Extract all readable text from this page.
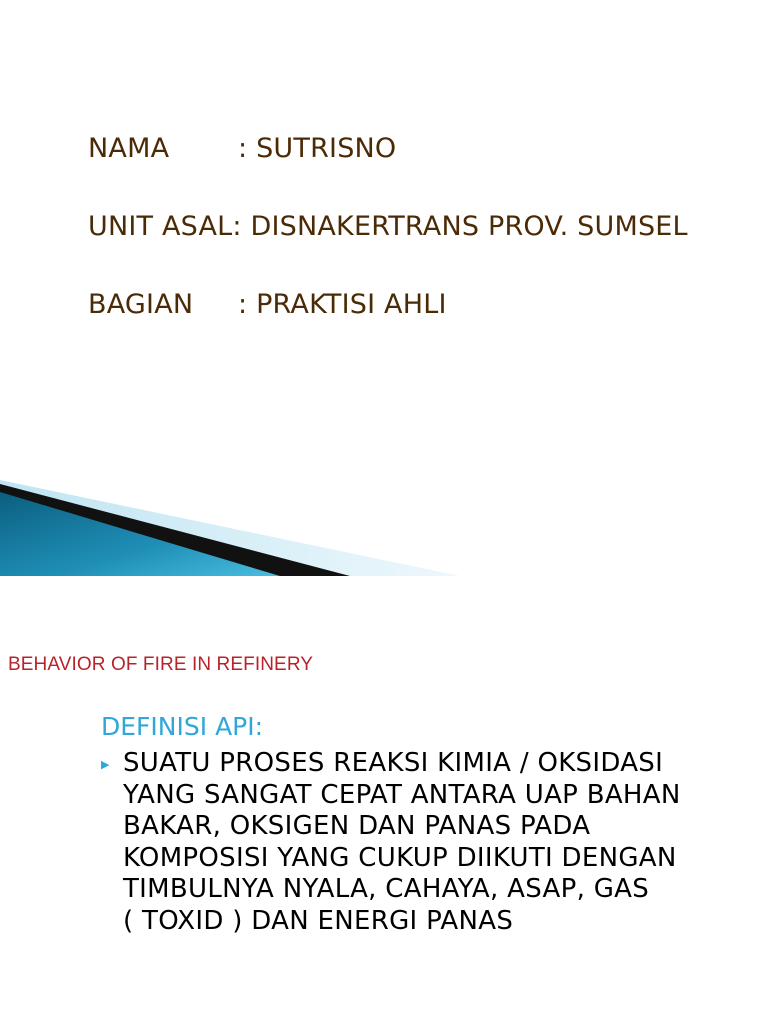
NAMA	: SUTRISNO
UNIT ASAL: DISNAKERTRANS PROV. SUMSEL
BAGIAN : PRAKTISI AHLI
BEHAVIOR OF FIRE IN REFINERY
DEFINISI API:
▶ SUATU PROSES REAKSI KIMIA / OKSIDASI
YANG SANGAT CEPAT ANTARA UAP BAHAN
BAKAR, OKSIGEN DAN PANAS PADA
KOMPOSISI YANG CUKUP DIIKUTI DENGAN
TIMBULNYA NYALA, CAHAYA, ASAP, GAS
( TOXID ) DAN ENERGI PANAS
